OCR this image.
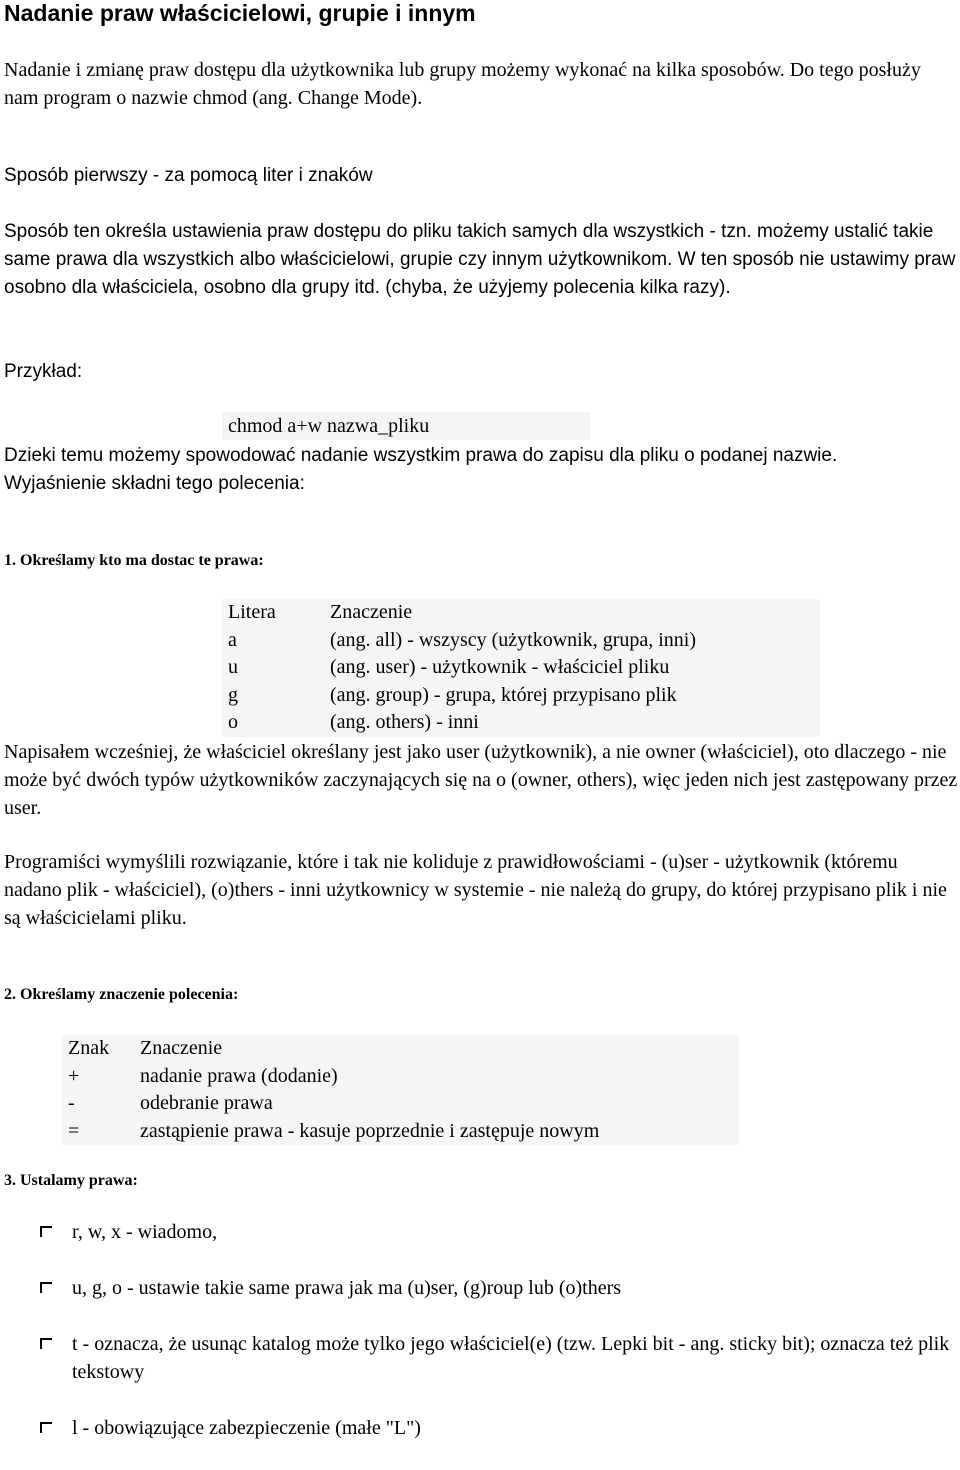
Nadanie praw właścicielowi, grupie i innym
Nadanie i zmianę praw dostępu dla użytkownika lub grupy możemy wykonać na kilka sposobów. Do tego posłuży nam program o nazwie chmod (ang. Change Mode).
Sposób pierwszy - za pomocą liter i znaków
Sposób ten określa ustawienia praw dostępu do pliku takich samych dla wszystkich - tzn. możemy ustalić takie same prawa dla wszystkich albo właścicielowi, grupie czy innym użytkownikom. W ten sposób nie ustawimy praw osobno dla właściciela, osobno dla grupy itd. (chyba, że użyjemy polecenia kilka razy).
Przykład:
chmod a+w nazwa_pliku
Dzieki temu możemy spowodować nadanie wszystkim prawa do zapisu dla pliku o podanej nazwie.
Wyjaśnienie składni tego polecenia:
1. Określamy kto ma dostac te prawa:
Litera	Znaczenie
a	(ang. all) - wszyscy (użytkownik, grupa, inni)
u	(ang. user) - użytkownik - właściciel pliku
g	(ang. group) - grupa, której przypisano plik
o	(ang. others) - inni
Napisałem wcześniej, że właściciel określany jest jako user (użytkownik), a nie owner (właściciel), oto dlaczego - nie może być dwóch typów użytkowników zaczynających się na o (owner, others), więc jeden nich jest zastępowany przez user.
Programiści wymyślili rozwiązanie, które i tak nie koliduje z prawidłowościami - (u)ser - użytkownik (któremu nadano plik - właściciel), (o)thers - inni użytkownicy w systemie - nie należą do grupy, do której przypisano plik i nie są właścicielami pliku.
2. Określamy znaczenie polecenia:
Znak	Znaczenie
+	nadanie prawa (dodanie)
-	odebranie prawa
=	zastąpienie prawa - kasuje poprzednie i zastępuje nowym
3. Ustalamy prawa:
r, w, x - wiadomo,
u, g, o - ustawie takie same prawa jak ma (u)ser, (g)roup lub (o)thers
t - oznacza, że usunąc katalog może tylko jego właściciel(e) (tzw. Lepki bit - ang. sticky bit); oznacza też plik tekstowy
l - obowiązujące zabezpieczenie (małe "L")
